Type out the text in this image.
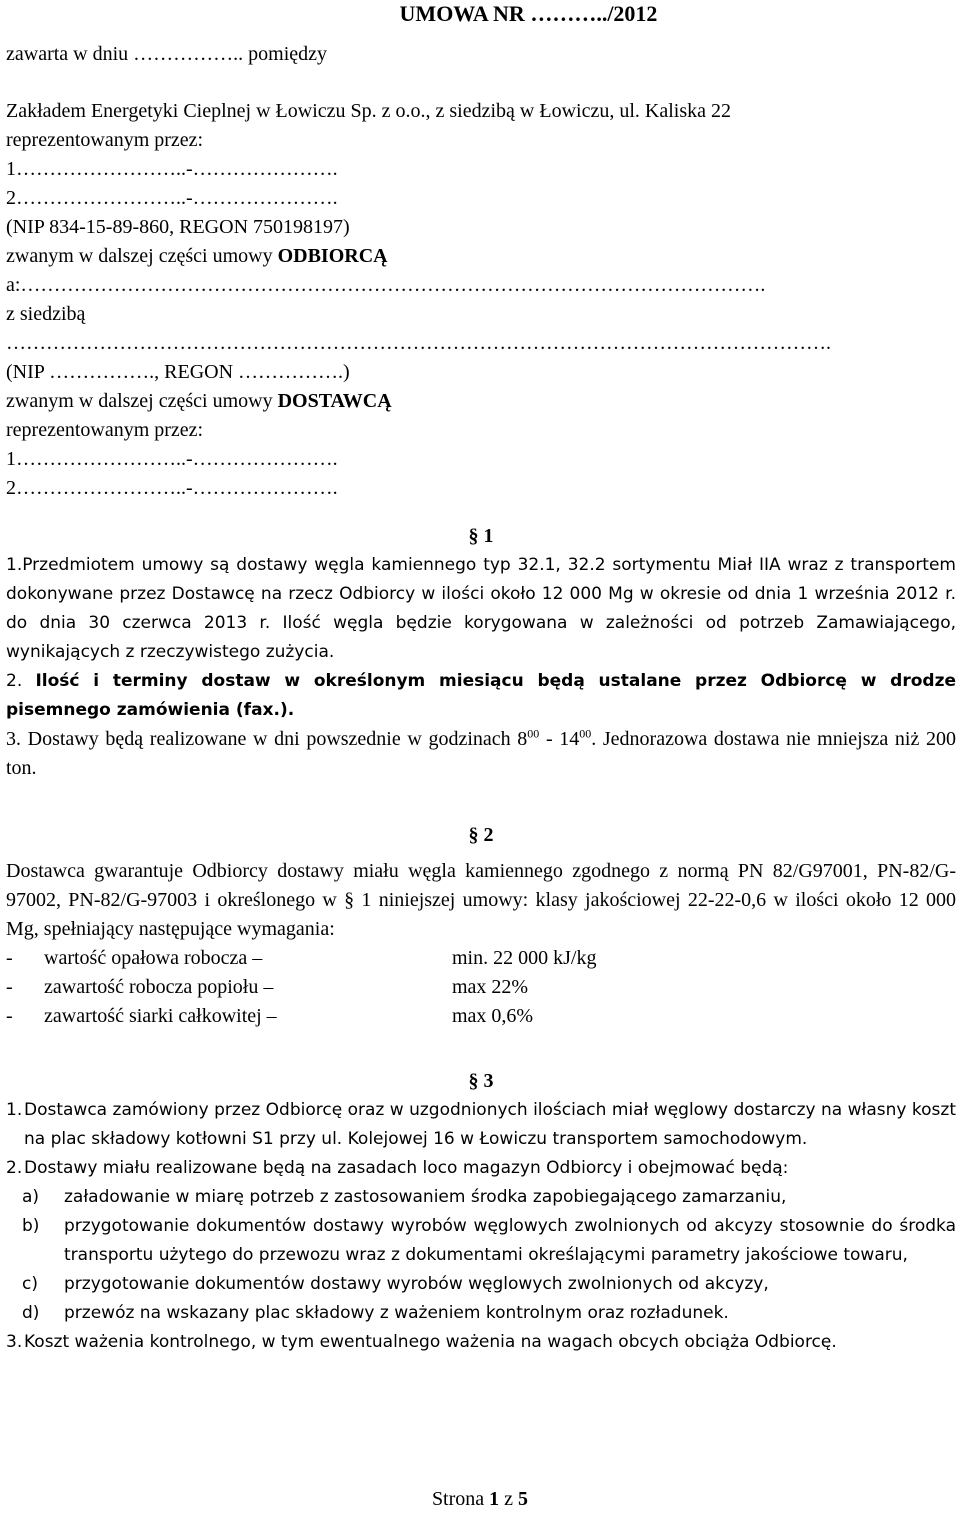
UMOWA NR ………../2012
zawarta w dniu …………….. pomiędzy
Zakładem Energetyki Cieplnej w Łowiczu Sp. z o.o., z siedzibą w Łowiczu, ul. Kaliska 22
reprezentowanym przez:
1……………………..-………………….
2……………………..-………………….
(NIP 834-15-89-860, REGON 750198197)
zwanym w dalszej części umowy ODBIORCĄ
a:………………………………………………………………………………………………….
z siedzibą
…………………………………………………………………………………………………………….
(NIP ……………., REGON …………….)
zwanym w dalszej części umowy DOSTAWCĄ
reprezentowanym przez:
1……………………..-………………….
2……………………..-………………….
§ 1
1.Przedmiotem umowy są dostawy węgla kamiennego typ 32.1, 32.2 sortymentu Miał IIA wraz z transportem dokonywane przez Dostawcę na rzecz Odbiorcy w ilości około 12 000 Mg w okresie od dnia 1 września 2012 r. do dnia 30 czerwca 2013 r. Ilość węgla będzie korygowana w zależności od potrzeb Zamawiającego, wynikających z rzeczywistego zużycia.
2. Ilość i terminy dostaw w określonym miesiącu będą ustalane przez Odbiorcę w drodze pisemnego zamówienia (fax.).
3. Dostawy będą realizowane w dni powszednie w godzinach $8^{00} - 14^{00}$. Jednorazowa dostawa nie mniejsza niż 200 ton.
§ 2
Dostawca gwarantuje Odbiorcy dostawy miału węgla kamiennego zgodnego z normą PN 82/G97001, PN-82/G-97002, PN-82/G-97003 i określonego w § 1 niniejszej umowy: klasy jakościowej 22-22-0,6 w ilości około 12 000 Mg, spełniający następujące wymagania:
-	wartość opałowa robocza –	min. 22 000 kJ/kg
-	zawartość robocza popiołu –	max 22%
-	zawartość siarki całkowitej –	max 0,6%
§ 3
1. Dostawca zamówiony przez Odbiorcę oraz w uzgodnionych ilościach miał węglowy dostarczy na własny koszt na plac składowy kotłowni S1 przy ul. Kolejowej 16 w Łowiczu transportem samochodowym.
2. Dostawy miału realizowane będą na zasadach loco magazyn Odbiorcy i obejmować będą:
a)	załadowanie w miarę potrzeb z zastosowaniem środka zapobiegającego zamarzaniu,
b)	przygotowanie dokumentów dostawy wyrobów węglowych zwolnionych od akcyzy stosownie do środka transportu użytego do przewozu wraz z dokumentami określającymi parametry jakościowe towaru,
c)	przygotowanie dokumentów dostawy wyrobów węglowych zwolnionych od akcyzy,
d)	przewóz na wskazany plac składowy z ważeniem kontrolnym oraz rozładunek.
3. Koszt ważenia kontrolnego, w tym ewentualnego ważenia na wagach obcych obciąża Odbiorcę.
Strona 1 z 5
